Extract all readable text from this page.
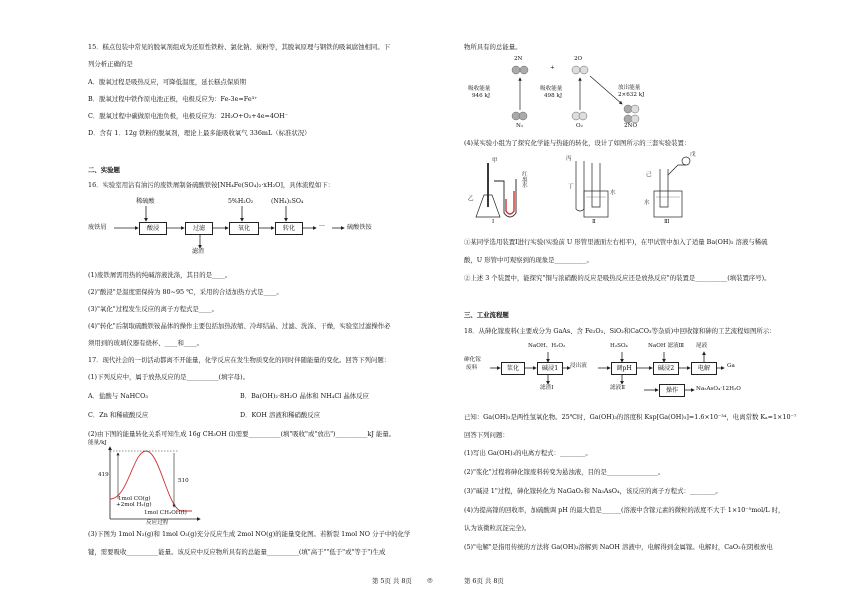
15．糕点包装中常见的脱氧剂组成为还原性铁粉、氯化钠、炭粉等，其脱氧原理与钢铁的吸氧腐蚀相同。下
列分析正确的是
A．脱氧过程是吸热反应，可降低温度，延长糕点保质期
B．脱氧过程中铁作原电池正极，电极反应为：Fe-3e=Fe³⁺
C．脱氧过程中碳做原电池负极，电极反应为：2H₂O+O₂+4e=4OH⁻
D．含有 1．12g 铁粉的脱氧剂，理论上最多能吸收氧气 336mL（标准状况）
二、实验题
16．实验室用沾有油污的废铁屑制备硫酸铁铵[NH₄Fe(SO₄)₂·xH₂O]，具体流程如下：
废铁屑
稀硫酸
酸浸	过滤
滤渣
5%H₂O₂
氧化
(NH₄)₂SO₄
转化	···	硫酸铁铵
(1)废铁屑需用热的纯碱溶液洗涤，其目的是____。
(2)"酸浸"是温度需保持为 80~95 ℃，采用的合适加热方式是____。
(3)"氧化"过程发生反应的离子方程式是____。
(4)"转化"后制取硫酸铁铵晶体的操作主要包括加热浓缩、冷却结晶、过滤、洗涤、干燥，实验室过滤操作必
须用到的玻璃仪器有烧杯、____和____。
17．现代社会的一切活动都离不开能量，化学反应在发生物质变化的同时伴随能量的变化。回答下列问题：
(1)下列反应中，属于放热反应的是__________(填字母)。
A．盐酸与 NaHCO₃	B．Ba(OH)₂·8H₂O 晶体和 NH₄Cl 晶体反应
C．Zn 和稀硫酸反应	D．KOH 溶液和稀硝酸反应
(2)由下图的能量转化关系可知生成 16g CH₃OH (l)需要__________(填"吸收"或"放出")__________kJ 能量。
能量/kJ
419
510
1mol CO(g)
+2mol H₂(g)
1mol CH₃OH(l)
反应过程
(3)下图为 1mol N₂(g)和 1mol O₂(g)充分反应生成 2mol NO(g)的能量变化图。若断裂 1mol NO 分子中的化学
键，需要吸收__________能量。该反应中反应物所具有的总能量__________(填"高于""低于"或"等于")生成
物所具有的总能量。
2N
+
2O
吸收能量
946 kJ
吸收能量
498 kJ
放出能量
2×632 kJ
N₂	O₂	2NO
(4)某实验小组为了探究化学能与热能的转化，设计了如图所示的三套实验装置：
甲
乙
红墨水
丙
丁
水
戊
己
水
Ⅰ	Ⅱ	Ⅲ
①某同学选用装置Ⅰ进行实验(实验前 U 形管里液面左右相平)，在甲试管中加入了适量 Ba(OH)₂ 溶液与稀硫
酸，U 形管中可观察到的现象是__________。
②上述 3 个装置中，能探究"铜与浓硝酸的反应是吸热反应还是放热反应"的装置是__________(填装置序号)。
三、工业流程题
18．从砷化镓废料(主要成分为 GaAs、含 Fe₂O₃、SiO₂和CaCO₃等杂质)中回收镓和砷的工艺流程如图所示：
砷化镓
废料	浆化
NaOH、H₂O₂
碱浸1
滤渣Ⅰ
浸出液
H₂SO₄
调pH
滤液Ⅱ
NaOH 滤液Ⅲ
碱浸2
尾液
电解	Ga
操作	Na₃AsO₄·12H₂O
已知：Ga(OH)₃是两性氢氧化物。25℃时，Ga(OH)₃的溶度积 Ksp[Ga(OH)₃]=1.6×10⁻³⁴，电离常数 Kₐ=1×10⁻⁷
回答下列问题：
(1)写出 Ga(OH)₃的电离方程式：________。
(2)"浆化"过程将砷化镓废料转变为悬浊液，目的是________________。
(3)"碱浸 1"过程，砷化镓转化为 NaGaO₂和 Na₃AsO₄，该反应的离子方程式：________。
(4)为提高镓的回收率，加硫酸调 pH 的最大值是______(溶液中含镓元素的微粒的浓度不大于 1×10⁻⁵mol/L 时，
认为该微粒沉淀完全)。
(5)"电解"是指用传统的方法将 Ga(OH)₃溶解到 NaOH 溶液中，电解得到金属镓。电解时，CaO₂在阴极放电
第 5页 共 8页 ◎	第 6页 共 8页
